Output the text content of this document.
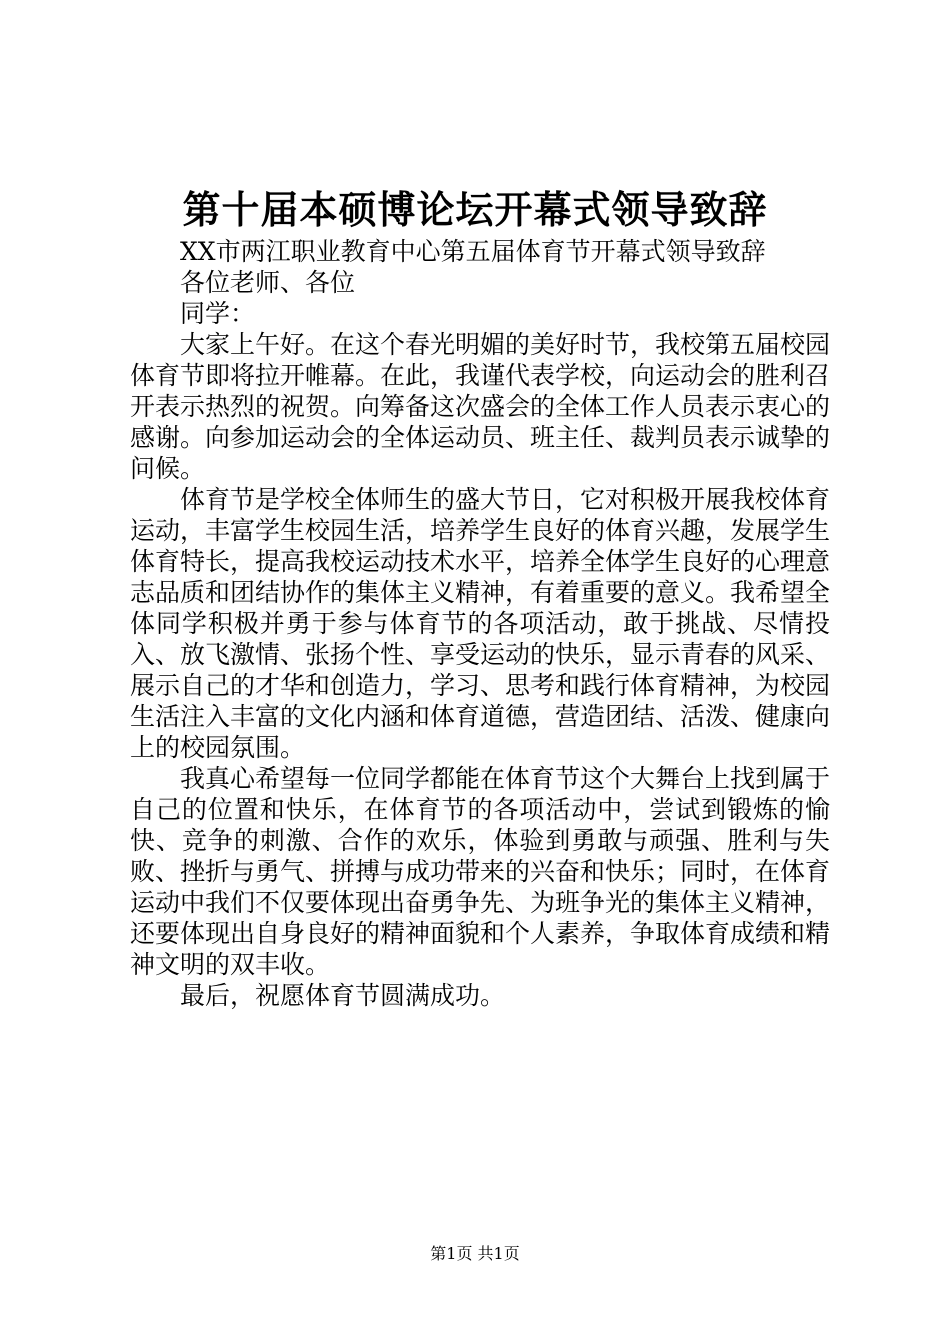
第十届本硕博论坛开幕式领导致辞

XX市两江职业教育中心第五届体育节开幕式领导致辞

各位老师、各位

同学：

大家上午好。在这个春光明媚的美好时节，我校第五届校园体育节即将拉开帷幕。在此，我谨代表学校，向运动会的胜利召开表示热烈的祝贺。向筹备这次盛会的全体工作人员表示衷心的感谢。向参加运动会的全体运动员、班主任、裁判员表示诚挚的问候。

体育节是学校全体师生的盛大节日，它对积极开展我校体育运动，丰富学生校园生活，培养学生良好的体育兴趣，发展学生体育特长，提高我校运动技术水平，培养全体学生良好的心理意志品质和团结协作的集体主义精神，有着重要的意义。我希望全体同学积极并勇于参与体育节的各项活动，敢于挑战、尽情投入、放飞激情、张扬个性、享受运动的快乐，显示青春的风采、展示自己的才华和创造力，学习、思考和践行体育精神，为校园生活注入丰富的文化内涵和体育道德，营造团结、活泼、健康向上的校园氛围。

我真心希望每一位同学都能在体育节这个大舞台上找到属于自己的位置和快乐，在体育节的各项活动中，尝试到锻炼的愉快、竞争的刺激、合作的欢乐，体验到勇敢与顽强、胜利与失败、挫折与勇气、拼搏与成功带来的兴奋和快乐；同时，在体育运动中我们不仅要体现出奋勇争先、为班争光的集体主义精神，还要体现出自身良好的精神面貌和个人素养，争取体育成绩和精神文明的双丰收。

最后，祝愿体育节圆满成功。

第1页 共1页
